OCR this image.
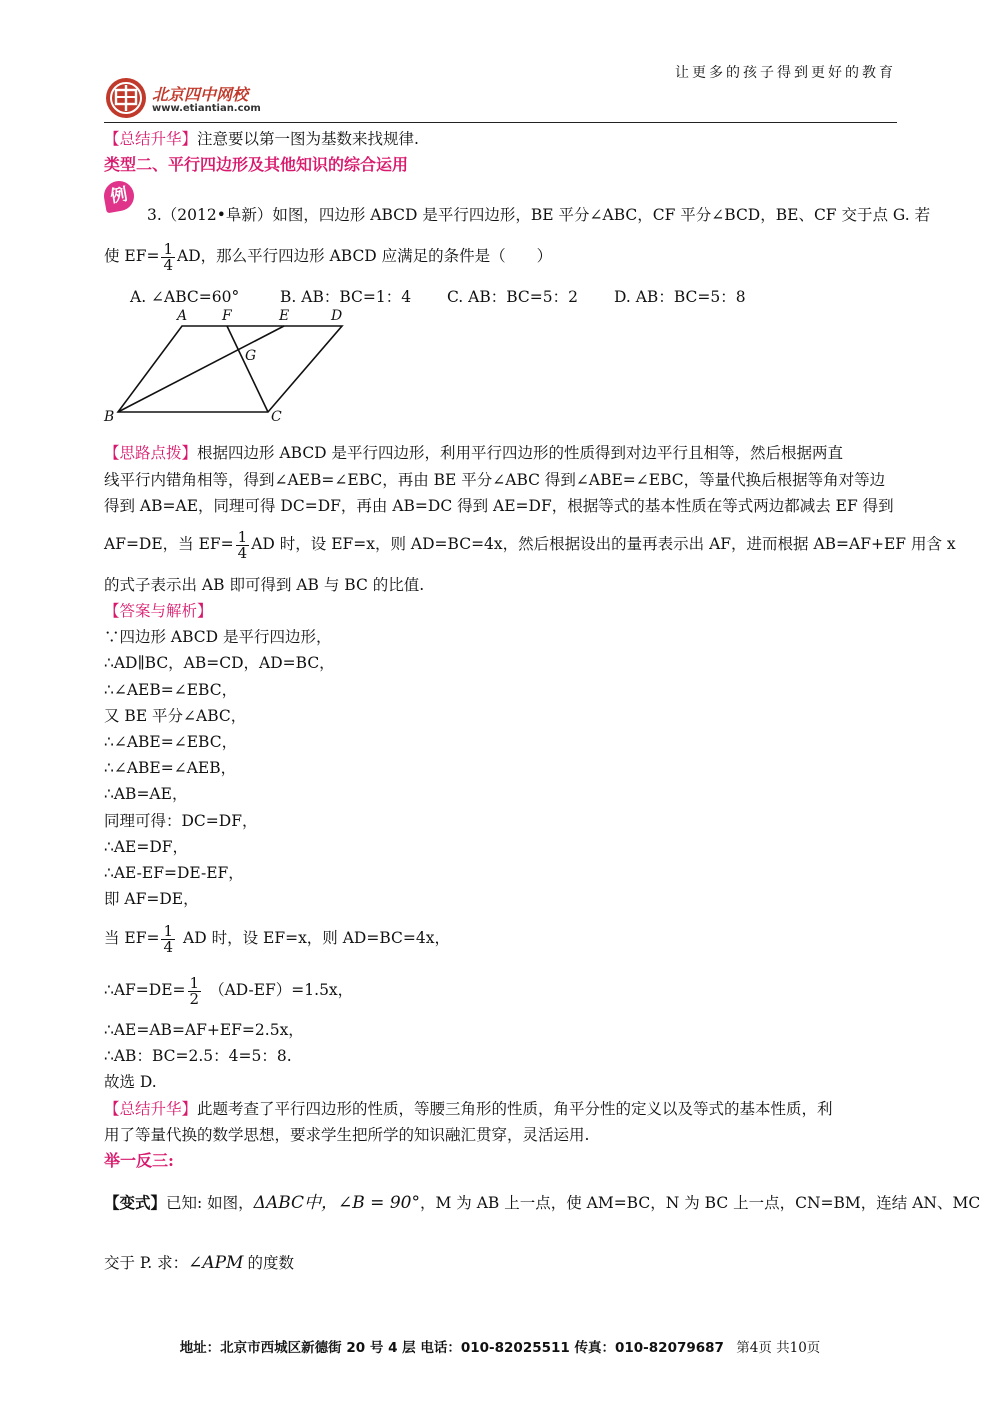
让更多的孩子得到更好的教育
北京四中网校
www.etiantian.com
【总结升华】注意要以第一图为基数来找规律.
类型二、平行四边形及其他知识的综合运用
例
3.（2012•阜新）如图，四边形 ABCD 是平行四边形，BE 平分∠ABC，CF 平分∠BCD，BE、CF 交于点 G. 若
使 $EF= \frac{1}{4}$ AD，那么平行四边形 ABCD 应满足的条件是（　　）
A. ∠ABC=60°	B. AB：BC=1：4 C. AB：BC=5：2 D. AB：BC=5：8
A F	E	D
G
B	C
【思路点拨】根据四边形 ABCD 是平行四边形，利用平行四边形的性质得到对边平行且相等，然后根据两直
线平行内错角相等，得到∠AEB=∠EBC，再由 BE 平分∠ABC 得到∠ABE=∠EBC，等量代换后根据等角对等边
得到 AB=AE，同理可得 DC=DF，再由 AB=DC 得到 AE=DF，根据等式的基本性质在等式两边都减去 EF 得到
AF=DE，当 $EF= \frac{1}{4}$ AD 时，设 EF=x，则 AD=BC=4x，然后根据设出的量再表示出 AF，进而根据 AB=AF+EF 用含 x
的式子表示出 AB 即可得到 AB 与 BC 的比值.
【答案与解析】
∵四边形 ABCD 是平行四边形，
∴AD∥BC，AB=CD，AD=BC，
∴∠AEB=∠EBC，
又 BE 平分∠ABC，
∴∠ABE=∠EBC，
∴∠ABE=∠AEB，
∴AB=AE，
同理可得：DC=DF，
∴AE=DF，
∴AE-EF=DE-EF，
即 AF=DE，
当 $EF= \frac{1}{4}$ AD 时，设 EF=x，则 AD=BC=4x，
∴AF=DE= $\frac{1}{2} (AD-EF)=1.5x$，
∴AE=AB=AF+EF=2.5x，
∴AB：BC=2.5：4=5：8.
故选 D.
【总结升华】此题考查了平行四边形的性质，等腰三角形的性质，角平分性的定义以及等式的基本性质，利
用了等量代换的数学思想，要求学生把所学的知识融汇贯穿，灵活运用.
举一反三:
【变式】已知: 如图，ΔABC中，∠B = 90°，M 为 AB 上一点，使 AM=BC，N 为 BC 上一点，CN=BM，连结 AN、MC
交于 P. 求：∠APM 的度数
地址：北京市西城区新德街 20 号 4 层 电话：010-82025511 传真：010-82079687 第4页 共10页
